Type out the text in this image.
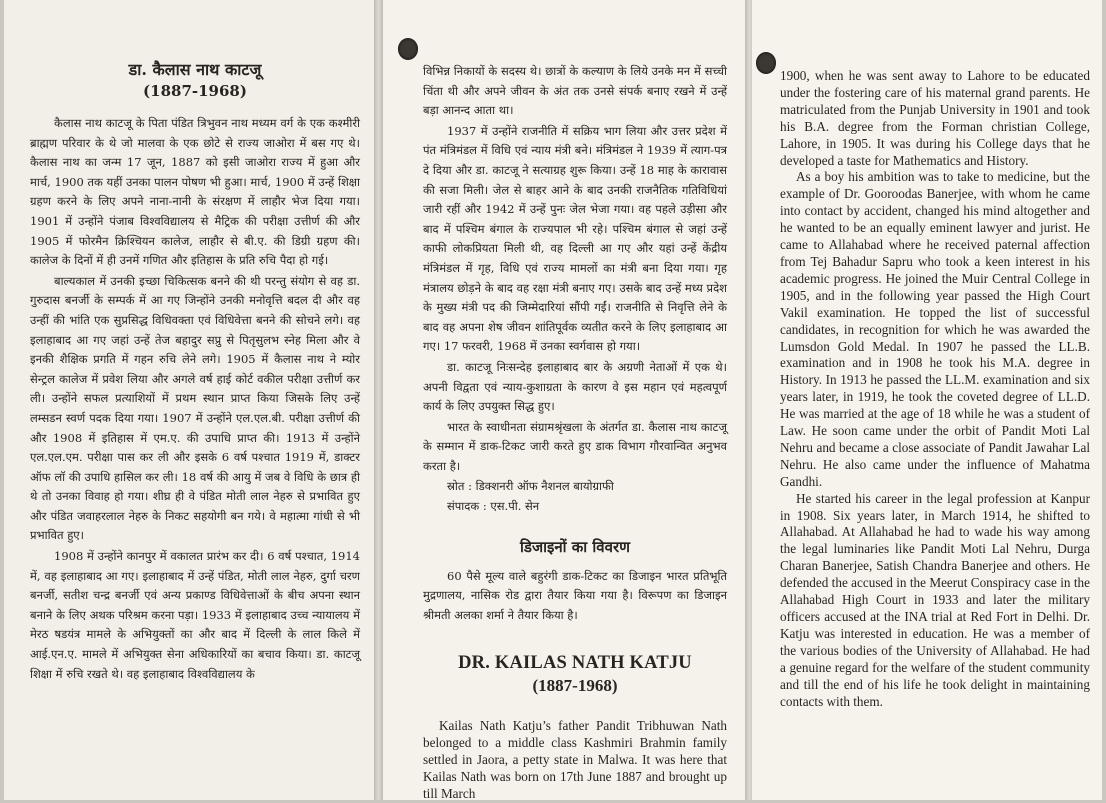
डा. कैलास नाथ काटजू
(1887-1968)

कैलास नाथ काटजू के पिता पंडित त्रिभुवन नाथ मध्यम वर्ग के एक कश्मीरी ब्राह्मण परिवार के थे जो मालवा के एक छोटे से राज्य जाओरा में बस गए थे। कैलास नाथ का जन्म 17 जून, 1887 को इसी जाओरा राज्य में हुआ और मार्च, 1900 तक यहीं उनका पालन पोषण भी हुआ। मार्च, 1900 में उन्हें शिक्षा ग्रहण करने के लिए अपने नाना-नानी के संरक्षण में लाहौर भेज दिया गया। 1901 में उन्होंने पंजाब विश्वविद्यालय से मैट्रिक की परीक्षा उत्तीर्ण की और 1905 में फोरमैन क्रिश्चियन कालेज, लाहौर से बी.ए. की डिग्री ग्रहण की। कालेज के दिनों में ही उनमें गणित और इतिहास के प्रति रुचि पैदा हो गई।

बाल्यकाल में उनकी इच्छा चिकित्सक बनने की थी परन्तु संयोग से वह डा. गुरुदास बनर्जी के सम्पर्क में आ गए जिन्होंने उनकी मनोवृत्ति बदल दी और वह उन्हीं की भांति एक सुप्रसिद्ध विधिवक्ता एवं विधिवेत्ता बनने की सोचने लगे। वह इलाहाबाद आ गए जहां उन्हें तेज बहादुर सप्रु से पितृसुलभ स्नेह मिला और वे इनकी शैक्षिक प्रगति में गहन रुचि लेने लगे। 1905 में कैलास नाथ ने म्योर सेन्ट्रल कालेज में प्रवेश लिया और अगले वर्ष हाई कोर्ट वकील परीक्षा उत्तीर्ण कर ली। उन्होंने सफल प्रत्याशियों में प्रथम स्थान प्राप्त किया जिसके लिए उन्हें लम्सडन स्वर्ण पदक दिया गया। 1907 में उन्होंने एल.एल.बी. परीक्षा उत्तीर्ण की और 1908 में इतिहास में एम.ए. की उपाधि प्राप्त की। 1913 में उन्होंने एल.एल.एम. परीक्षा पास कर ली और इसके 6 वर्ष पश्चात 1919 में, डाक्टर ऑफ लॉ की उपाधि हासिल कर ली। 18 वर्ष की आयु में जब वे विधि के छात्र ही थे तो उनका विवाह हो गया। शीघ्र ही वे पंडित मोती लाल नेहरु से प्रभावित हुए और पंडित जवाहरलाल नेहरु के निकट सहयोगी बन गये। वे महात्मा गांधी से भी प्रभावित हुए।

1908 में उन्होंने कानपुर में वकालत प्रारंभ कर दी। 6 वर्ष पश्चात, 1914 में, वह इलाहाबाद आ गए। इलाहाबाद में उन्हें पंडित, मोती लाल नेहरु, दुर्गा चरण बनर्जी, सतीश चन्द्र बनर्जी एवं अन्य प्रकाण्ड विधिवेत्ताओं के बीच अपना स्थान बनाने के लिए अथक परिश्रम करना पड़ा। 1933 में इलाहाबाद उच्च न्यायालय में मेरठ षडयंत्र मामले के अभियुक्तों का और बाद में दिल्ली के लाल किले में आई.एन.ए. मामले में अभियुक्त सेना अधिकारियों का बचाव किया। डा. काटजू शिक्षा में रुचि रखते थे। वह इलाहाबाद विश्वविद्यालय के

विभिन्न निकायों के सदस्य थे। छात्रों के कल्याण के लिये उनके मन में सच्ची चिंता थी और अपने जीवन के अंत तक उनसे संपर्क बनाए रखने में उन्हें बड़ा आनन्द आता था।

1937 में उन्होंने राजनीति में सक्रिय भाग लिया और उत्तर प्रदेश में पंत मंत्रिमंडल में विधि एवं न्याय मंत्री बने। मंत्रिमंडल ने 1939 में त्याग-पत्र दे दिया और डा. काटजू ने सत्याग्रह शुरू किया। उन्हें 18 माह के कारावास की सजा मिली। जेल से बाहर आने के बाद उनकी राजनैतिक गतिविधियां जारी रहीं और 1942 में उन्हें पुनः जेल भेजा गया। वह पहले उड़ीसा और बाद में पश्चिम बंगाल के राज्यपाल भी रहे। पश्चिम बंगाल से जहां उन्हें काफी लोकप्रियता मिली थी, वह दिल्ली आ गए और यहां उन्हें केंद्रीय मंत्रिमंडल में गृह, विधि एवं राज्य मामलों का मंत्री बना दिया गया। गृह मंत्रालय छोड़ने के बाद वह रक्षा मंत्री बनाए गए। उसके बाद उन्हें मध्य प्रदेश के मुख्य मंत्री पद की जिम्मेदारियां सौंपी गईं। राजनीति से निवृत्ति लेने के बाद वह अपना शेष जीवन शांतिपूर्वक व्यतीत करने के लिए इलाहाबाद आ गए। 17 फरवरी, 1968 में उनका स्वर्गवास हो गया।

डा. काटजू निःसन्देह इलाहाबाद बार के अग्रणी नेताओं में एक थे। अपनी विद्वता एवं न्याय-कुशाग्रता के कारण वे इस महान एवं महत्वपूर्ण कार्य के लिए उपयुक्त सिद्ध हुए।

भारत के स्वाधीनता संग्रामश्रृंखला के अंतर्गत डा. कैलास नाथ काटजू के सम्मान में डाक-टिकट जारी करते हुए डाक विभाग गौरवान्वित अनुभव करता है।

स्रोत : डिक्शनरी ऑफ नैशनल बायोग्राफी
संपादक : एस.पी. सेन
डिजाइनों का विवरण

60 पैसे मूल्य वाले बहुरंगी डाक-टिकट का डिजाइन भारत प्रतिभूति मुद्रणालय, नासिक रोड द्वारा तैयार किया गया है। विरूपण का डिजाइन श्रीमती अलका शर्मा ने तैयार किया है।

DR. KAILAS NATH KATJU
(1887-1968)

Kailas Nath Katju’s father Pandit Tribhuwan Nath belonged to a middle class Kashmiri Brahmin family settled in Jaora, a petty state in Malwa. It was here that Kailas Nath was born on 17th June 1887 and brought up till March

1900, when he was sent away to Lahore to be educated under the fostering care of his maternal grand parents. He matriculated from the Punjab University in 1901 and took his B.A. degree from the Forman christian College, Lahore, in 1905. It was during his College days that he developed a taste for Mathematics and History.

As a boy his ambition was to take to medicine, but the example of Dr. Gooroodas Banerjee, with whom he came into contact by accident, changed his mind altogether and he wanted to be an equally eminent lawyer and jurist. He came to Allahabad where he received paternal affection from Tej Bahadur Sapru who took a keen interest in his academic progress. He joined the Muir Central College in 1905, and in the following year passed the High Court Vakil examination. He topped the list of successful candidates, in recognition for which he was awarded the Lumsdon Gold Medal. In 1907 he passed the LL.B. examination and in 1908 he took his M.A. degree in History. In 1913 he passed the LL.M. examination and six years later, in 1919, he took the coveted degree of LL.D. He was married at the age of 18 while he was a student of Law. He soon came under the orbit of Pandit Moti Lal Nehru and became a close associate of Pandit Jawahar Lal Nehru. He also came under the influence of Mahatma Gandhi.

He started his career in the legal profession at Kanpur in 1908. Six years later, in March 1914, he shifted to Allahabad. At Allahabad he had to wade his way among the legal luminaries like Pandit Moti Lal Nehru, Durga Charan Banerjee, Satish Chandra Banerjee and others. He defended the accused in the Meerut Conspiracy case in the Allahabad High Court in 1933 and later the military officers accused at the INA trial at Red Fort in Delhi. Dr. Katju was interested in education. He was a member of the various bodies of the University of Allahabad. He had a genuine regard for the welfare of the student community and till the end of his life he took delight in maintaining contacts with them.
